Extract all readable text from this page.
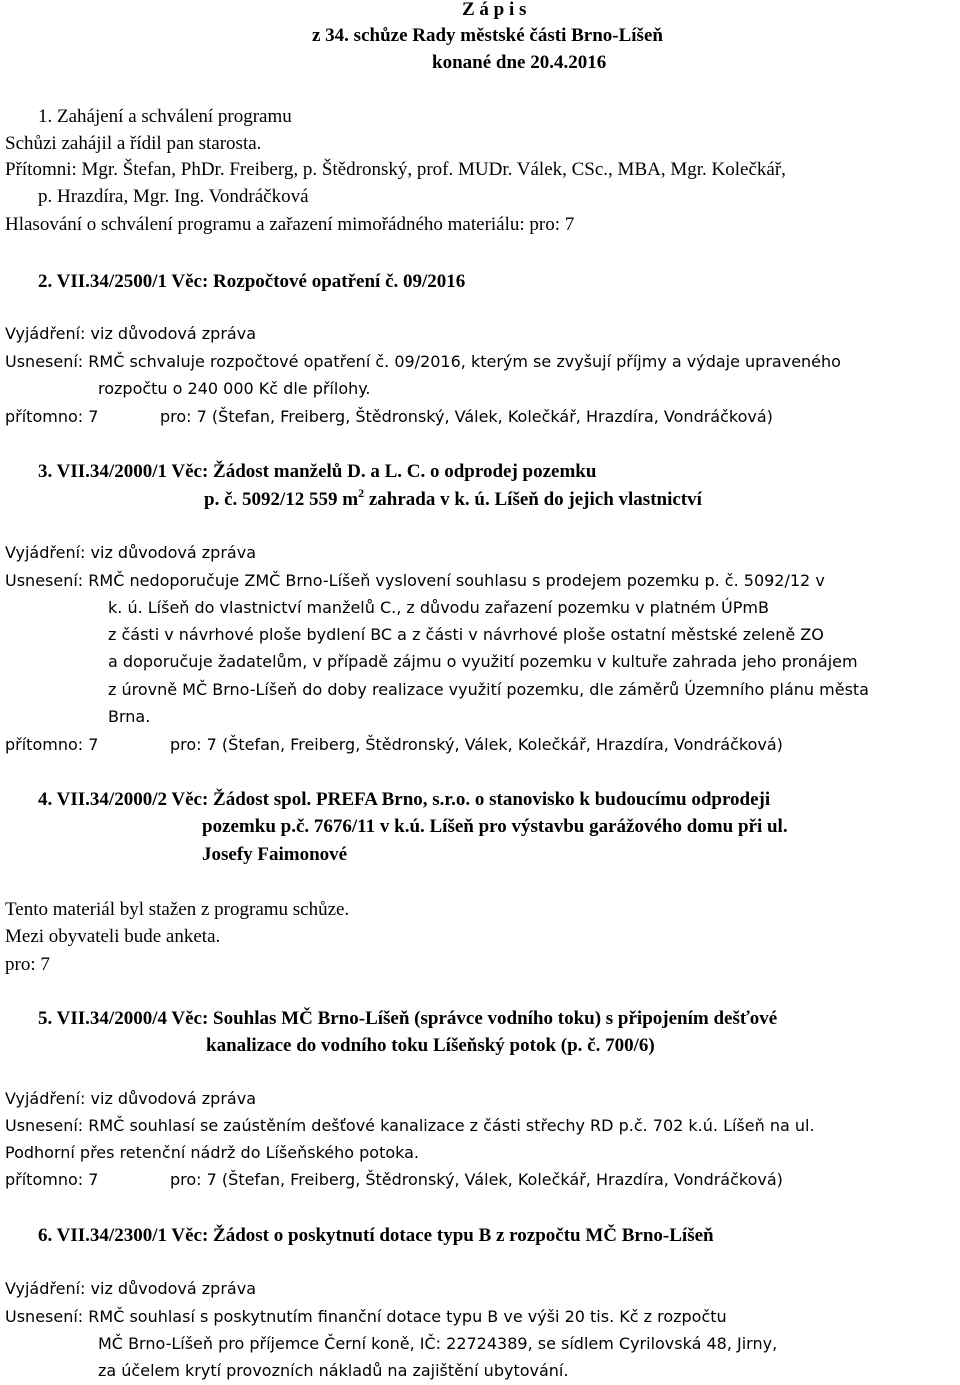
Z á p i s
z 34. schůze Rady městské části Brno-Líšeň
konané dne 20.4.2016
1. Zahájení a schválení programu
Schůzi zahájil a řídil pan starosta.
Přítomni: Mgr. Štefan, PhDr. Freiberg, p. Štědronský, prof. MUDr. Válek, CSc., MBA, Mgr. Kolečkář,
p. Hrazdíra, Mgr. Ing. Vondráčková
Hlasování o schválení programu a zařazení mimořádného materiálu: pro: 7
2. VII.34/2500/1 Věc: Rozpočtové opatření č. 09/2016
Vyjádření: viz důvodová zpráva
Usnesení: RMČ schvaluje rozpočtové opatření č. 09/2016, kterým se zvyšují příjmy a výdaje upraveného
rozpočtu o 240 000 Kč dle přílohy.
přítomno: 7	pro: 7 (Štefan, Freiberg, Štědronský, Válek, Kolečkář, Hrazdíra, Vondráčková)
3. VII.34/2000/1 Věc: Žádost manželů D. a L. C. o odprodej pozemku
p. č. 5092/12 559 $m^2$ zahrada v k. ú. Líšeň do jejich vlastnictví
Vyjádření: viz důvodová zpráva
Usnesení: RMČ nedoporučuje ZMČ Brno-Líšeň vyslovení souhlasu s prodejem pozemku p. č. 5092/12 v
k. ú. Líšeň do vlastnictví manželů C., z důvodu zařazení pozemku v platném ÚPmB
z části v návrhové ploše bydlení BC a z části v návrhové ploše ostatní městské zeleně ZO
a doporučuje žadatelům, v případě zájmu o využití pozemku v kultuře zahrada jeho pronájem
z úrovně MČ Brno-Líšeň do doby realizace využití pozemku, dle záměrů Územního plánu města
Brna.
přítomno: 7	pro: 7 (Štefan, Freiberg, Štědronský, Válek, Kolečkář, Hrazdíra, Vondráčková)
4. VII.34/2000/2 Věc: Žádost spol. PREFA Brno, s.r.o. o stanovisko k budoucímu odprodeji
pozemku p.č. 7676/11 v k.ú. Líšeň pro výstavbu garážového domu při ul.
Josefy Faimonové
Tento materiál byl stažen z programu schůze.
Mezi obyvateli bude anketa.
pro: 7
5. VII.34/2000/4 Věc: Souhlas MČ Brno-Líšeň (správce vodního toku) s připojením dešťové
kanalizace do vodního toku Líšeňský potok (p. č. 700/6)
Vyjádření: viz důvodová zpráva
Usnesení: RMČ souhlasí se zaústěním dešťové kanalizace z části střechy RD p.č. 702 k.ú. Líšeň na ul.
Podhorní přes retenční nádrž do Líšeňského potoka.
přítomno: 7	pro: 7 (Štefan, Freiberg, Štědronský, Válek, Kolečkář, Hrazdíra, Vondráčková)
6. VII.34/2300/1 Věc: Žádost o poskytnutí dotace typu B z rozpočtu MČ Brno-Líšeň
Vyjádření: viz důvodová zpráva
Usnesení: RMČ souhlasí s poskytnutím finanční dotace typu B ve výši 20 tis. Kč z rozpočtu
MČ Brno-Líšeň pro příjemce Černí koně, IČ: 22724389, se sídlem Cyrilovská 48, Jirny,
za účelem krytí provozních nákladů na zajištění ubytování.
